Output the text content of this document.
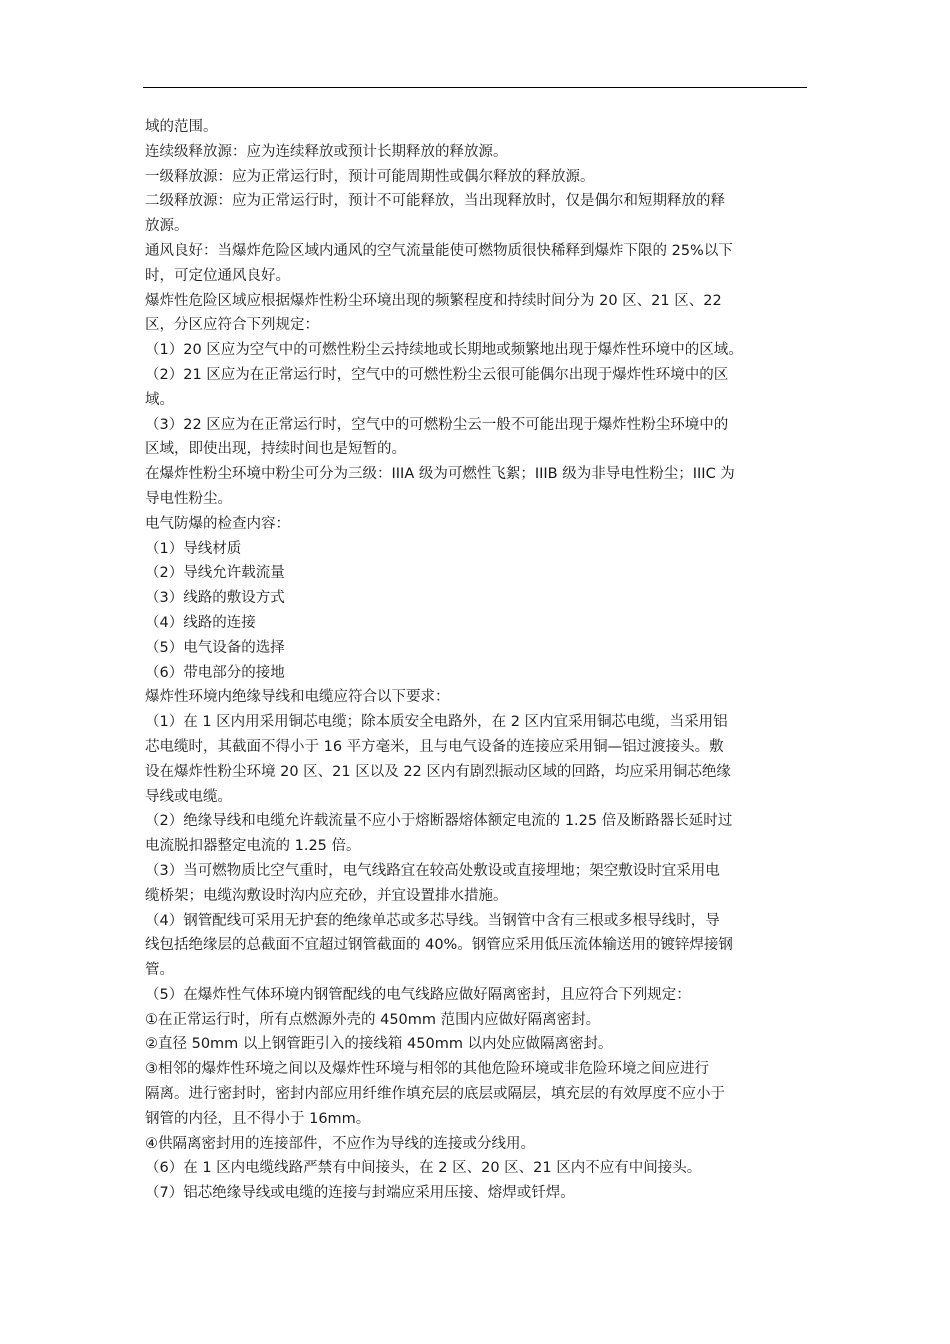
域的范围。
连续级释放源：应为连续释放或预计长期释放的释放源。
一级释放源：应为正常运行时，预计可能周期性或偶尔释放的释放源。
二级释放源：应为正常运行时，预计不可能释放，当出现释放时，仅是偶尔和短期释放的释
放源。
通风良好：当爆炸危险区域内通风的空气流量能使可燃物质很快稀释到爆炸下限的 25%以下
时，可定位通风良好。
爆炸性危险区域应根据爆炸性粉尘环境出现的频繁程度和持续时间分为 20 区、21 区、22
区，分区应符合下列规定：
（1）20 区应为空气中的可燃性粉尘云持续地或长期地或频繁地出现于爆炸性环境中的区域。
（2）21 区应为在正常运行时，空气中的可燃性粉尘云很可能偶尔出现于爆炸性环境中的区
域。
（3）22 区应为在正常运行时，空气中的可燃粉尘云一般不可能出现于爆炸性粉尘环境中的
区域，即使出现，持续时间也是短暂的。
在爆炸性粉尘环境中粉尘可分为三级：IIIA 级为可燃性飞絮；IIIB 级为非导电性粉尘；IIIC 为
导电性粉尘。
电气防爆的检查内容：
（1）导线材质
（2）导线允许载流量
（3）线路的敷设方式
（4）线路的连接
（5）电气设备的选择
（6）带电部分的接地
爆炸性环境内绝缘导线和电缆应符合以下要求：
（1）在 1 区内用采用铜芯电缆；除本质安全电路外，在 2 区内宜采用铜芯电缆，当采用铝
芯电缆时，其截面不得小于 16 平方毫米，且与电气设备的连接应采用铜—铝过渡接头。敷
设在爆炸性粉尘环境 20 区、21 区以及 22 区内有剧烈振动区域的回路，均应采用铜芯绝缘
导线或电缆。
（2）绝缘导线和电缆允许载流量不应小于熔断器熔体额定电流的 1.25 倍及断路器长延时过
电流脱扣器整定电流的 1.25 倍。
（3）当可燃物质比空气重时，电气线路宜在较高处敷设或直接埋地；架空敷设时宜采用电
缆桥架；电缆沟敷设时沟内应充砂，并宜设置排水措施。
（4）钢管配线可采用无护套的绝缘单芯或多芯导线。当钢管中含有三根或多根导线时，导
线包括绝缘层的总截面不宜超过钢管截面的 40%。钢管应采用低压流体输送用的镀锌焊接钢
管。
（5）在爆炸性气体环境内钢管配线的电气线路应做好隔离密封，且应符合下列规定：
①在正常运行时，所有点燃源外壳的 450mm 范围内应做好隔离密封。
②直径 50mm 以上钢管距引入的接线箱 450mm 以内处应做隔离密封。
③相邻的爆炸性环境之间以及爆炸性环境与相邻的其他危险环境或非危险环境之间应进行
隔离。进行密封时，密封内部应用纤维作填充层的底层或隔层，填充层的有效厚度不应小于
钢管的内径，且不得小于 16mm。
④供隔离密封用的连接部件，不应作为导线的连接或分线用。
（6）在 1 区内电缆线路严禁有中间接头，在 2 区、20 区、21 区内不应有中间接头。
（7）铝芯绝缘导线或电缆的连接与封端应采用压接、熔焊或钎焊。
